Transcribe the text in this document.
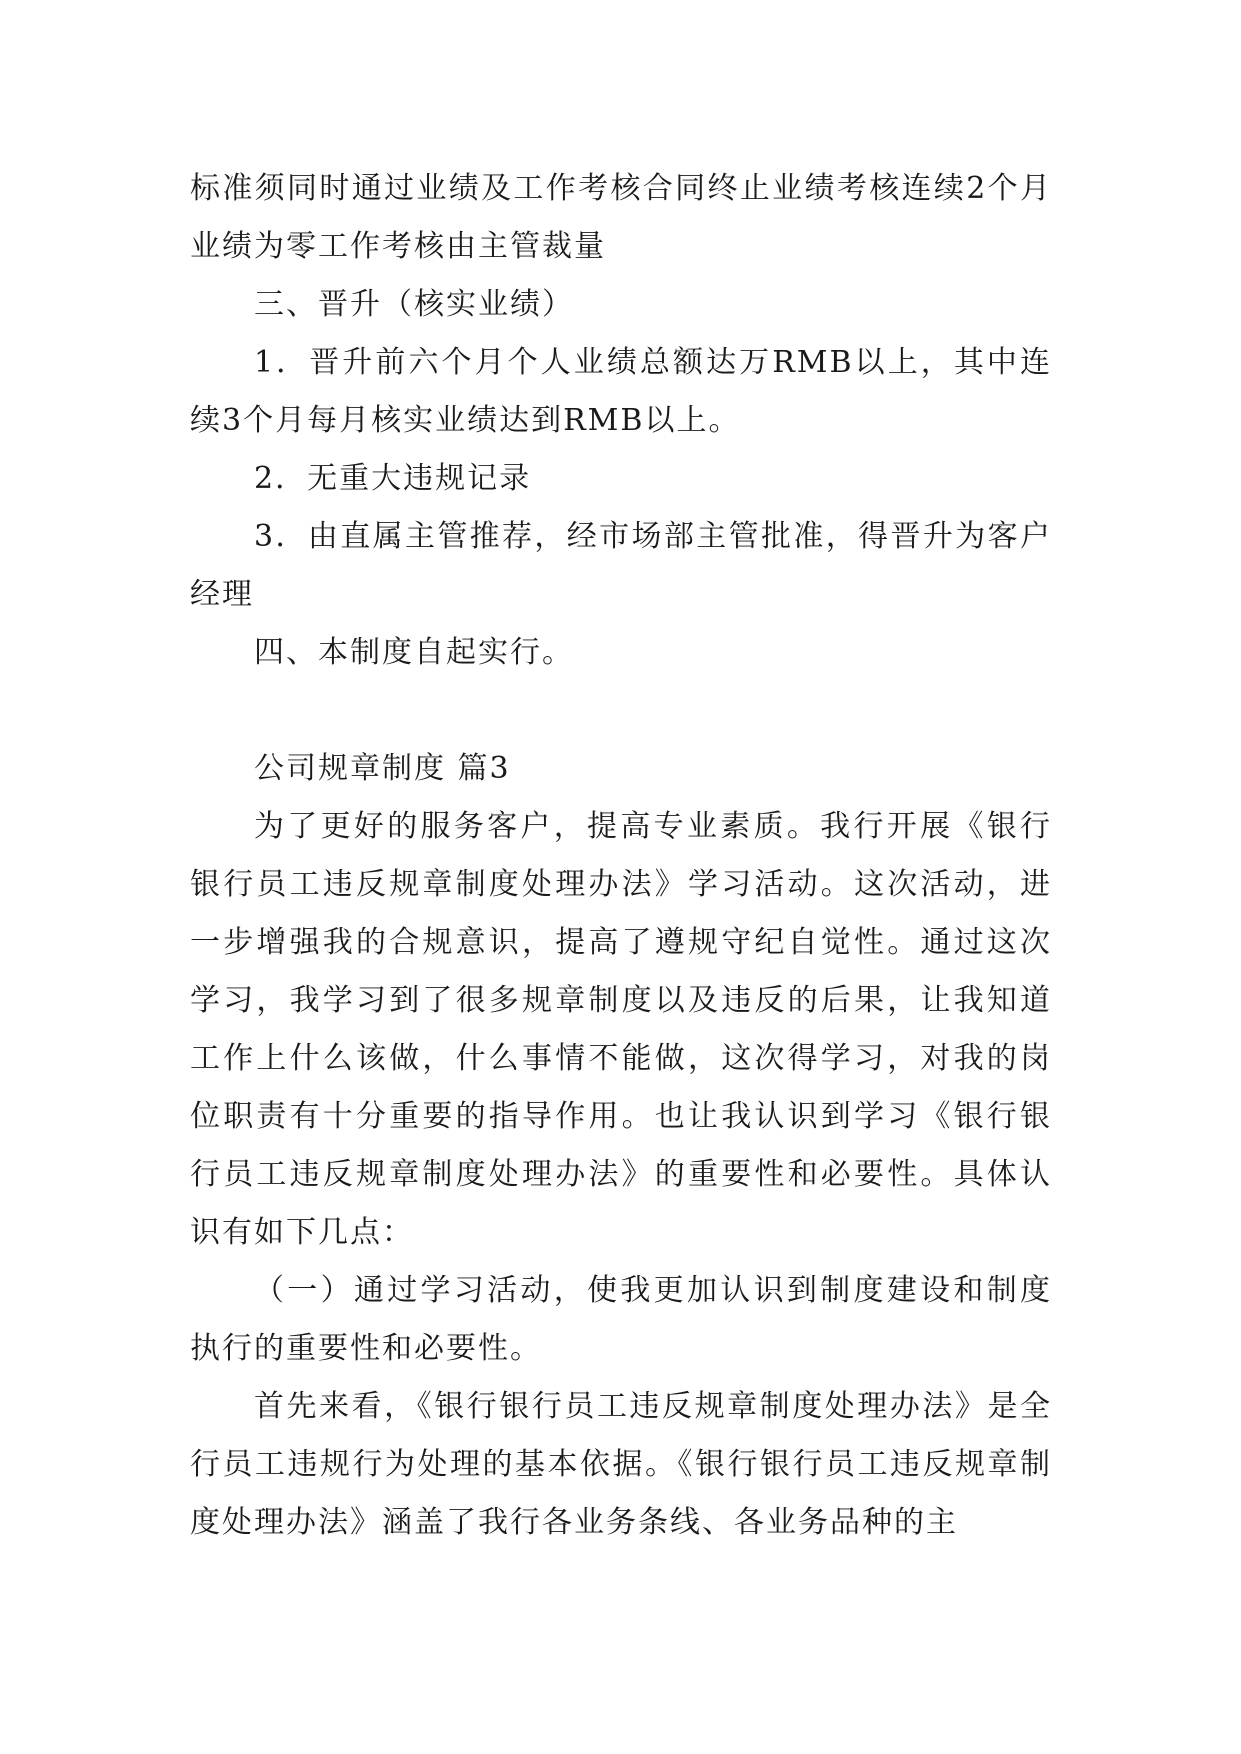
标准须同时通过业绩及工作考核合同终止业绩考核连续2个月业绩为零工作考核由主管裁量

三、晋升（核实业绩）

1．晋升前六个月个人业绩总额达万RMB以上，其中连续3个月每月核实业绩达到RMB以上。

2．无重大违规记录

3．由直属主管推荐，经市场部主管批准，得晋升为客户经理

四、本制度自起实行。

公司规章制度 篇3

为了更好的服务客户，提高专业素质。我行开展《银行银行员工违反规章制度处理办法》学习活动。这次活动，进一步增强我的合规意识，提高了遵规守纪自觉性。通过这次学习，我学习到了很多规章制度以及违反的后果，让我知道工作上什么该做，什么事情不能做，这次得学习，对我的岗位职责有十分重要的指导作用。也让我认识到学习《银行银行员工违反规章制度处理办法》的重要性和必要性。具体认识有如下几点：

（一）通过学习活动，使我更加认识到制度建设和制度执行的重要性和必要性。

首先来看，《银行银行员工违反规章制度处理办法》是全行员工违规行为处理的基本依据。《银行银行员工违反规章制度处理办法》涵盖了我行各业务条线、各业务品种的主
